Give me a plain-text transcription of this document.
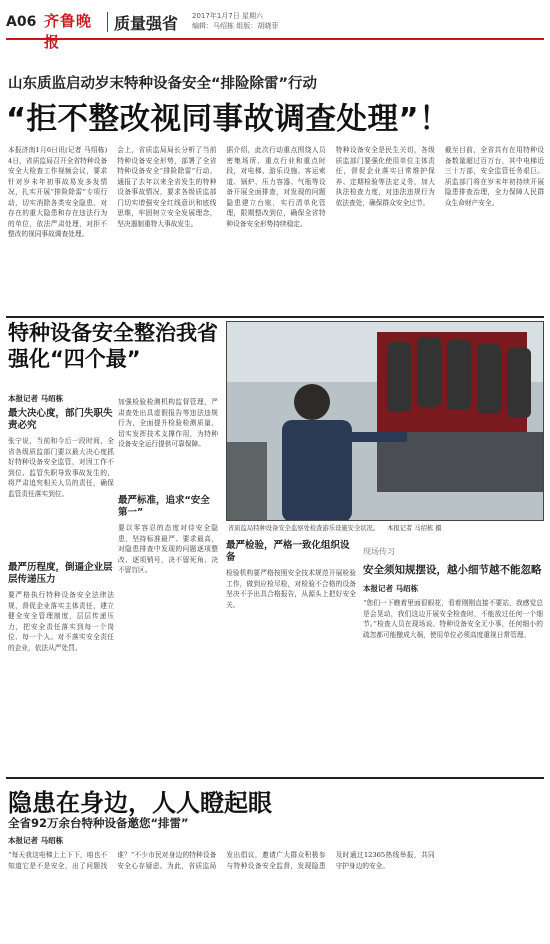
A06 齐鲁晚报
质量强省 2017年1月7日 星期六
编辑：马绍栋 组版：胡晓菲
山东质监启动岁末特种设备安全“排险除雷”行动
“拒不整改视同事故调查处理”！
本报济南1月6日讯(记者 马绍栋) 4日，省质监局召开全省特种设备安全大检查工作视频会议，要求针对岁末年初事故易发多发情况，扎实开展“排险除雷”专项行动，切实消除各类安全隐患，对存在的重大隐患和存在违法行为的单位，依法严肃处理，对拒不整改的视同事故调查处理。
会上，省质监局局长分析了当前特种设备安全形势，部署了全省特种设备安全“排险除雷”行动。通报了去年以来全省发生的特种设备事故情况，要求各级质监部门切实增强安全红线意识和底线思维，牢固树立安全发展理念，坚决遏制重特大事故发生。
据介绍，此次行动重点围绕人员密集场所、重点行业和重点时段，对电梯、游乐设施、客运索道、锅炉、压力容器、气瓶等设备开展全面排查，对发现的问题隐患建立台账，实行清单化管理，限期整改到位，确保全省特种设备安全形势持续稳定。
特种设备安全是民生关切，各级质监部门要强化使用单位主体责任，督促企业落实日常维护保养、定期检验等法定义务，加大执法检查力度，对违法违规行为依法查处，确保群众安全过节。
截至目前，全省共有在用特种设备数量超过百万台，其中电梯近三十万部，安全监管任务艰巨。质监部门将在岁末年初持续开展隐患排查治理，全力保障人民群众生命财产安全。
特种设备安全整治我省强化“四个最”
本报记者 马绍栋
最大决心度，部门失职失责必究
张宁说，当前和今后一段时间，全省各级质监部门要以最大决心度抓好特种设备安全监管，对因工作不到位、监管失职导致事故发生的，将严肃追究相关人员的责任，确保监管责任落实到位。
最严历程度，倒逼企业层层传递压力
要严格执行特种设备安全法律法规，督促企业落实主体责任，建立健全安全管理制度，层层传递压力，把安全责任落实到每一个岗位、每一个人。对不落实安全责任的企业，依法从严处罚。
加强检验检测机构监督管理，严肃查处出具虚假报告等违法违规行为，全面提升检验检测质量，切实发挥技术支撑作用，为特种设备安全运行提供可靠保障。
最严标准，追求“安全第一”
要以零容忍的态度对待安全隐患，坚持标准最严、要求最高，对隐患排查中发现的问题逐项整改、逐项销号，决不留死角、决不留盲区。
最严检验，严格一致化组织设备
检验机构要严格按照安全技术规范开展检验工作，做到应检尽检，对检验不合格的设备坚决不予出具合格报告，从源头上把好安全关。
省质监局特种设备安全监察处检查游乐设施安全状况。 本报记者 马绍栋 摄
现场传习
安全须知规摆设，越小细节越不能忽略
本报记者 马绍栋
“您们一下瞧着里面很眼花，看着刚刚直接不要站，我感觉总是会晃动，我们这边开展安全检查时，不能放过任何一个细节。”检查人员在现场说。特种设备安全无小事，任何细小的疏忽都可能酿成大祸，使用单位必须高度重视日常管理。
隐患在身边，人人瞪起眼
全省92万余台特种设备邀您“排雷”
本报记者 马绍栋
“每天我这电梯上上下下，咱也不知道它是不是安全，出了问题找谁？”不少市民对身边的特种设备安全心存疑虑。为此，省质监局发出倡议，邀请广大群众积极参与特种设备安全监督，发现隐患及时通过12365热线举报，共同守护身边的安全。
